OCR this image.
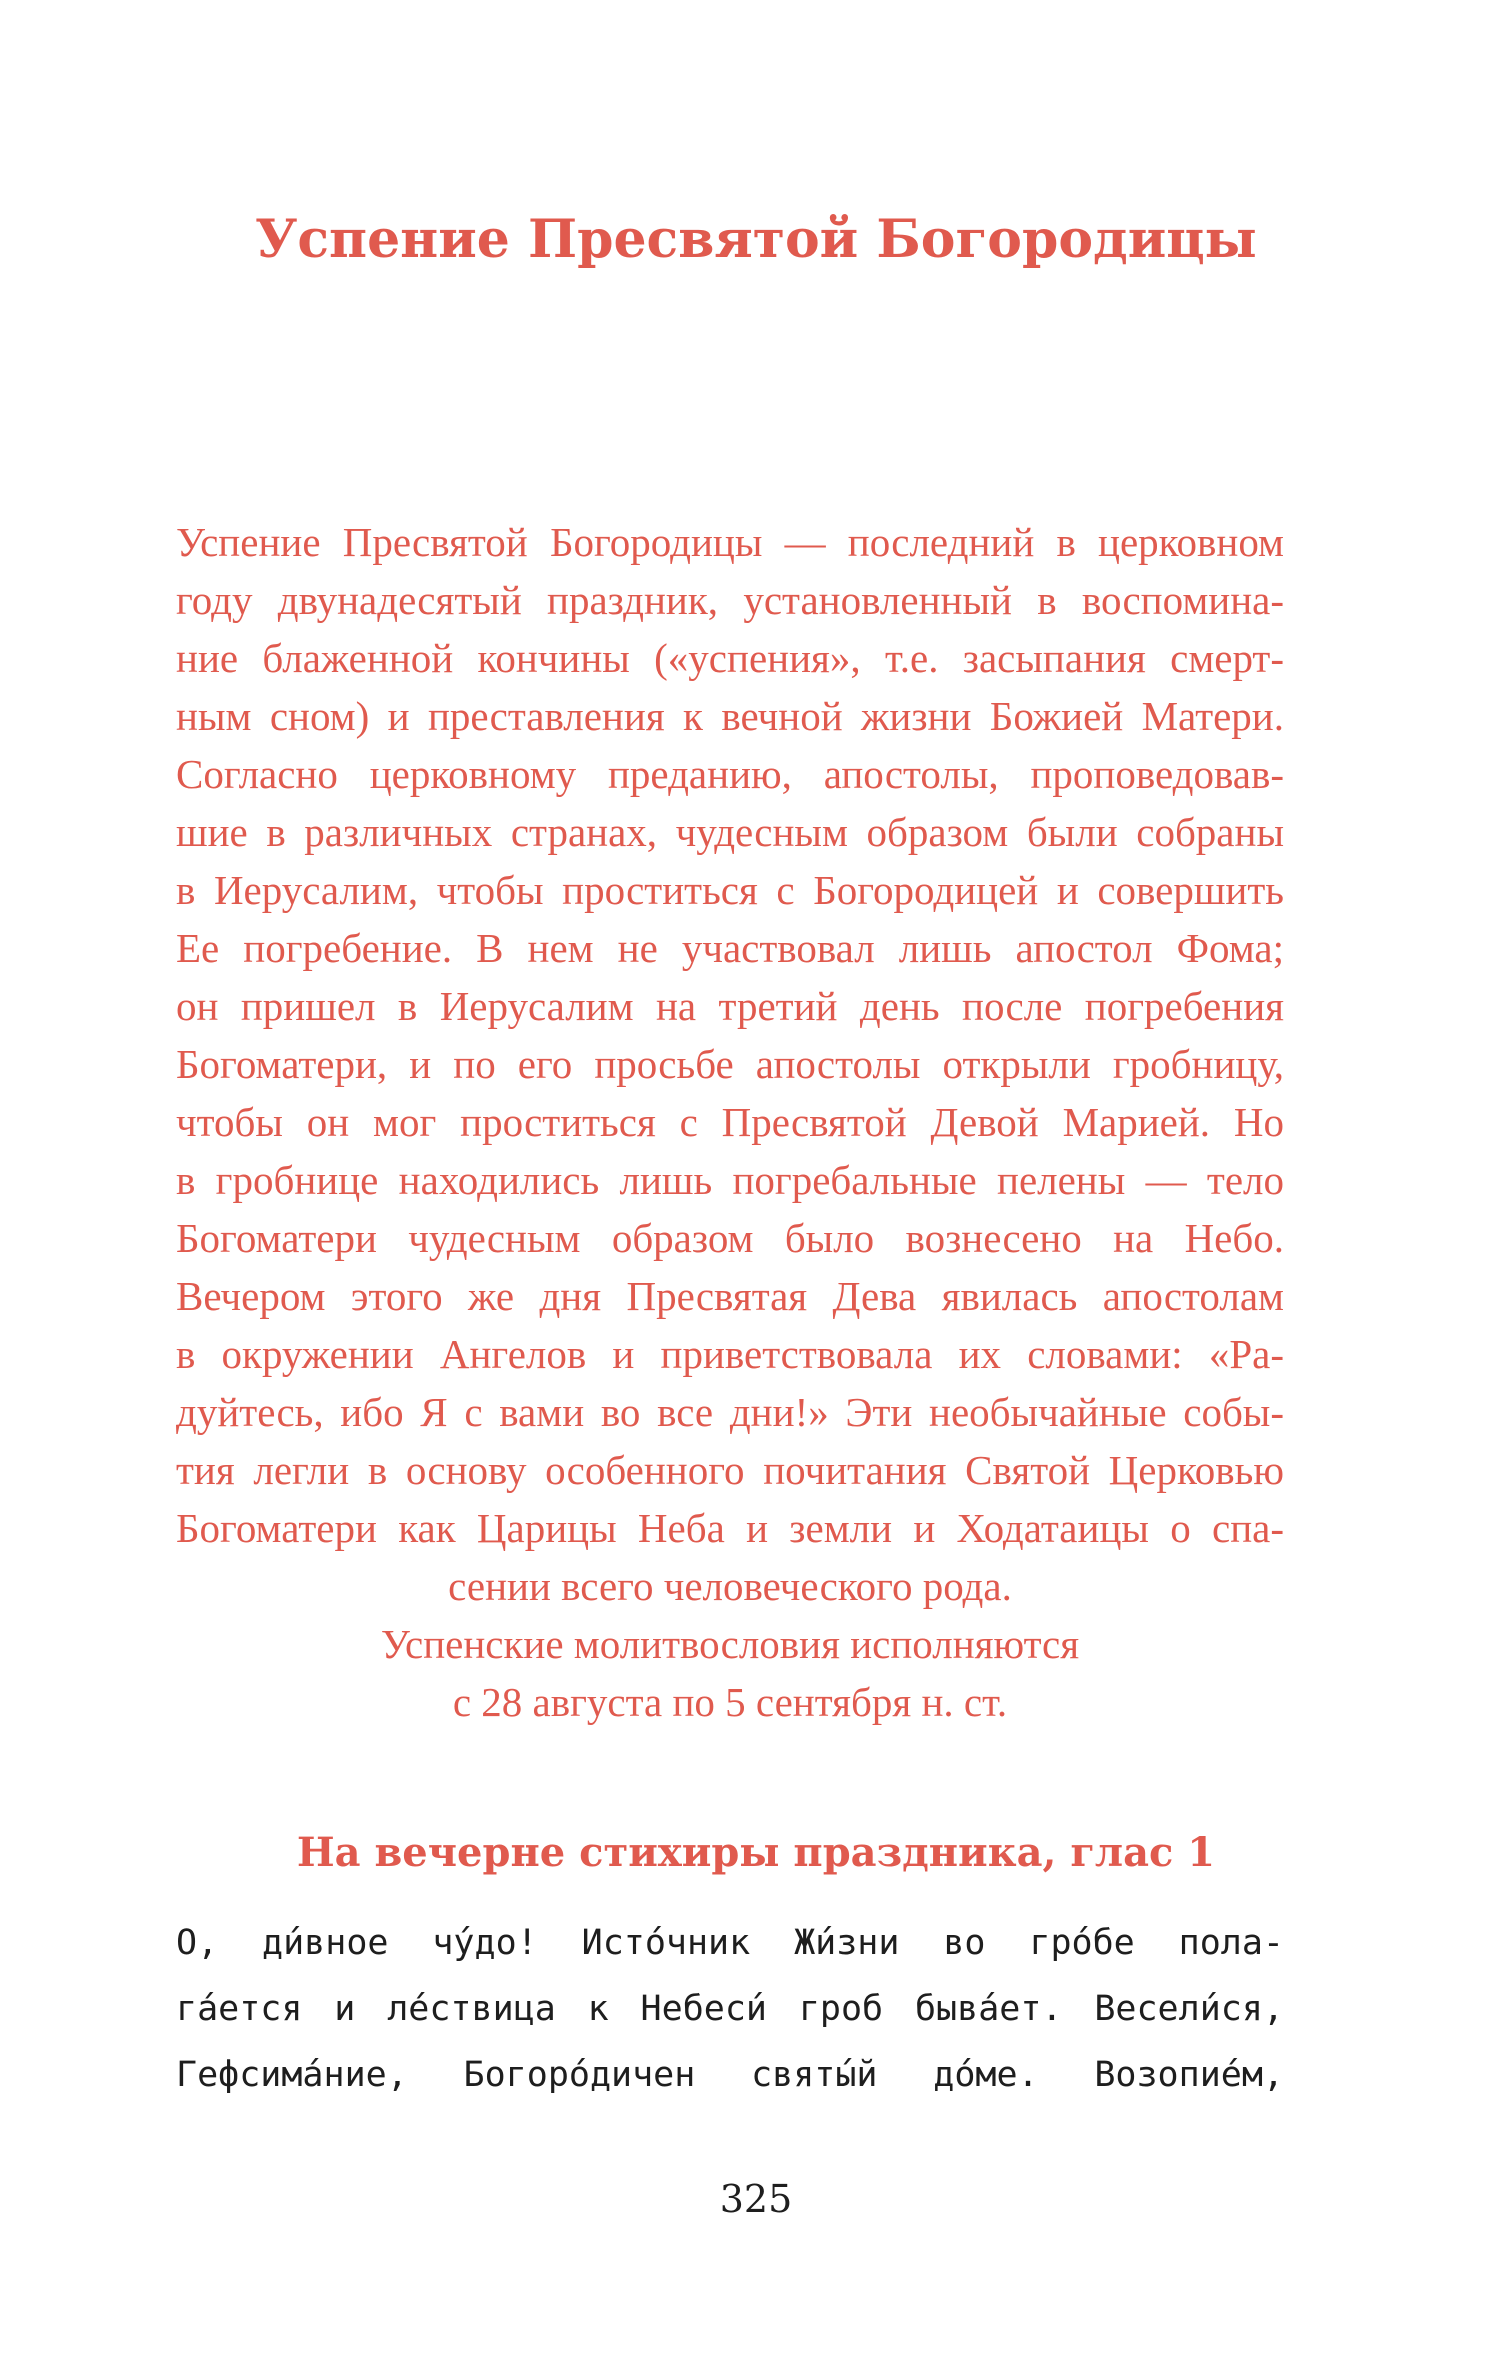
Успение Пресвятой Богородицы
Успение Пресвятой Богородицы — последний в церковном
году двунадесятый праздник, установленный в воспомина-
ние блаженной кончины («успения», т.е. засыпания смерт-
ным сном) и преставления к вечной жизни Божией Матери.
Согласно церковному преданию, апостолы, проповедовав-
шие в различных странах, чудесным образом были собраны
в Иерусалим, чтобы проститься с Богородицей и совершить
Ее погребение. В нем не участвовал лишь апостол Фома;
он пришел в Иерусалим на третий день после погребения
Богоматери, и по его просьбе апостолы открыли гробницу,
чтобы он мог проститься с Пресвятой Девой Марией. Но
в гробнице находились лишь погребальные пелены — тело
Богоматери чудесным образом было вознесено на Небо.
Вечером этого же дня Пресвятая Дева явилась апостолам
в окружении Ангелов и приветствовала их словами: «Ра-
дуйтесь, ибо Я с вами во все дни!» Эти необычайные собы-
тия легли в основу особенного почитания Святой Церковью
Богоматери как Царицы Неба и земли и Ходатаицы о спа-
сении всего человеческого рода.
Успенские молитвословия исполняются
с 28 августа по 5 сентября н. ст.
На вечерне стихиры праздника, глас 1
О, ди́вное чу́до! Исто́чник Жи́зни во гро́бе пола-
га́ется и ле́ствица к Небеси́ гроб быва́ет. Весели́ся,
Гефсима́ние, Богоро́дичен святы́й до́ме. Возопие́м,
325
